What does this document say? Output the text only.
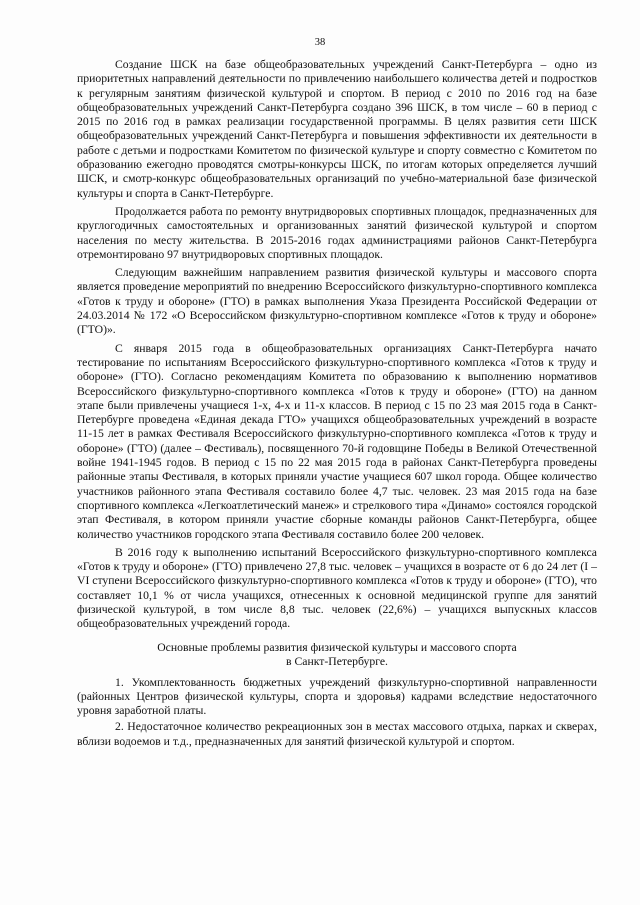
38

Создание ШСК на базе общеобразовательных учреждений Санкт-Петербурга – одно из приоритетных направлений деятельности по привлечению наибольшего количества детей и подростков к регулярным занятиям физической культурой и спортом. В период с 2010 по 2016 год на базе общеобразовательных учреждений Санкт-Петербурга создано 396 ШСК, в том числе – 60 в период с 2015 по 2016 год в рамках реализации государственной программы. В целях развития сети ШСК общеобразовательных учреждений Санкт-Петербурга и повышения эффективности их деятельности в работе с детьми и подростками Комитетом по физической культуре и спорту совместно с Комитетом по образованию ежегодно проводятся смотры-конкурсы ШСК, по итогам которых определяется лучший ШСК, и смотр-конкурс общеобразовательных организаций по учебно-материальной базе физической культуры и спорта в Санкт-Петербурге.

Продолжается работа по ремонту внутридворовых спортивных площадок, предназначенных для круглогодичных самостоятельных и организованных занятий физической культурой и спортом населения по месту жительства. В 2015-2016 годах администрациями районов Санкт-Петербурга отремонтировано 97 внутридворовых спортивных площадок.

Следующим важнейшим направлением развития физической культуры и массового спорта является проведение мероприятий по внедрению Всероссийского физкультурно-спортивного комплекса «Готов к труду и обороне» (ГТО) в рамках выполнения Указа Президента Российской Федерации от 24.03.2014 № 172 «О Всероссийском физкультурно-спортивном комплексе «Готов к труду и обороне» (ГТО)».

С января 2015 года в общеобразовательных организациях Санкт-Петербурга начато тестирование по испытаниям Всероссийского физкультурно-спортивного комплекса «Готов к труду и обороне» (ГТО). Согласно рекомендациям Комитета по образованию к выполнению нормативов Всероссийского физкультурно-спортивного комплекса «Готов к труду и обороне» (ГТО) на данном этапе были привлечены учащиеся 1-х, 4-х и 11-х классов. В период с 15 по 23 мая 2015 года в Санкт-Петербурге проведена «Единая декада ГТО» учащихся общеобразовательных учреждений в возрасте 11-15 лет в рамках Фестиваля Всероссийского физкультурно-спортивного комплекса «Готов к труду и обороне» (ГТО) (далее – Фестиваль), посвященного 70-й годовщине Победы в Великой Отечественной войне 1941-1945 годов. В период с 15 по 22 мая 2015 года в районах Санкт-Петербурга проведены районные этапы Фестиваля, в которых приняли участие учащиеся 607 школ города. Общее количество участников районного этапа Фестиваля составило более 4,7 тыс. человек. 23 мая 2015 года на базе спортивного комплекса «Легкоатлетический манеж» и стрелкового тира «Динамо» состоялся городской этап Фестиваля, в котором приняли участие сборные команды районов Санкт-Петербурга, общее количество участников городского этапа Фестиваля составило более 200 человек.

В 2016 году к выполнению испытаний Всероссийского физкультурно-спортивного комплекса «Готов к труду и обороне» (ГТО) привлечено 27,8 тыс. человек – учащихся в возрасте от 6 до 24 лет (I – VI ступени Всероссийского физкультурно-спортивного комплекса «Готов к труду и обороне» (ГТО), что составляет 10,1 % от числа учащихся, отнесенных к основной медицинской группе для занятий физической культурой, в том числе 8,8 тыс. человек (22,6%) – учащихся выпускных классов общеобразовательных учреждений города.

Основные проблемы развития физической культуры и массового спорта
в Санкт-Петербурге.

1. Укомплектованность бюджетных учреждений физкультурно-спортивной направленности (районных Центров физической культуры, спорта и здоровья) кадрами вследствие недостаточного уровня заработной платы.

2. Недостаточное количество рекреационных зон в местах массового отдыха, парках и скверах, вблизи водоемов и т.д., предназначенных для занятий физической культурой и спортом.
